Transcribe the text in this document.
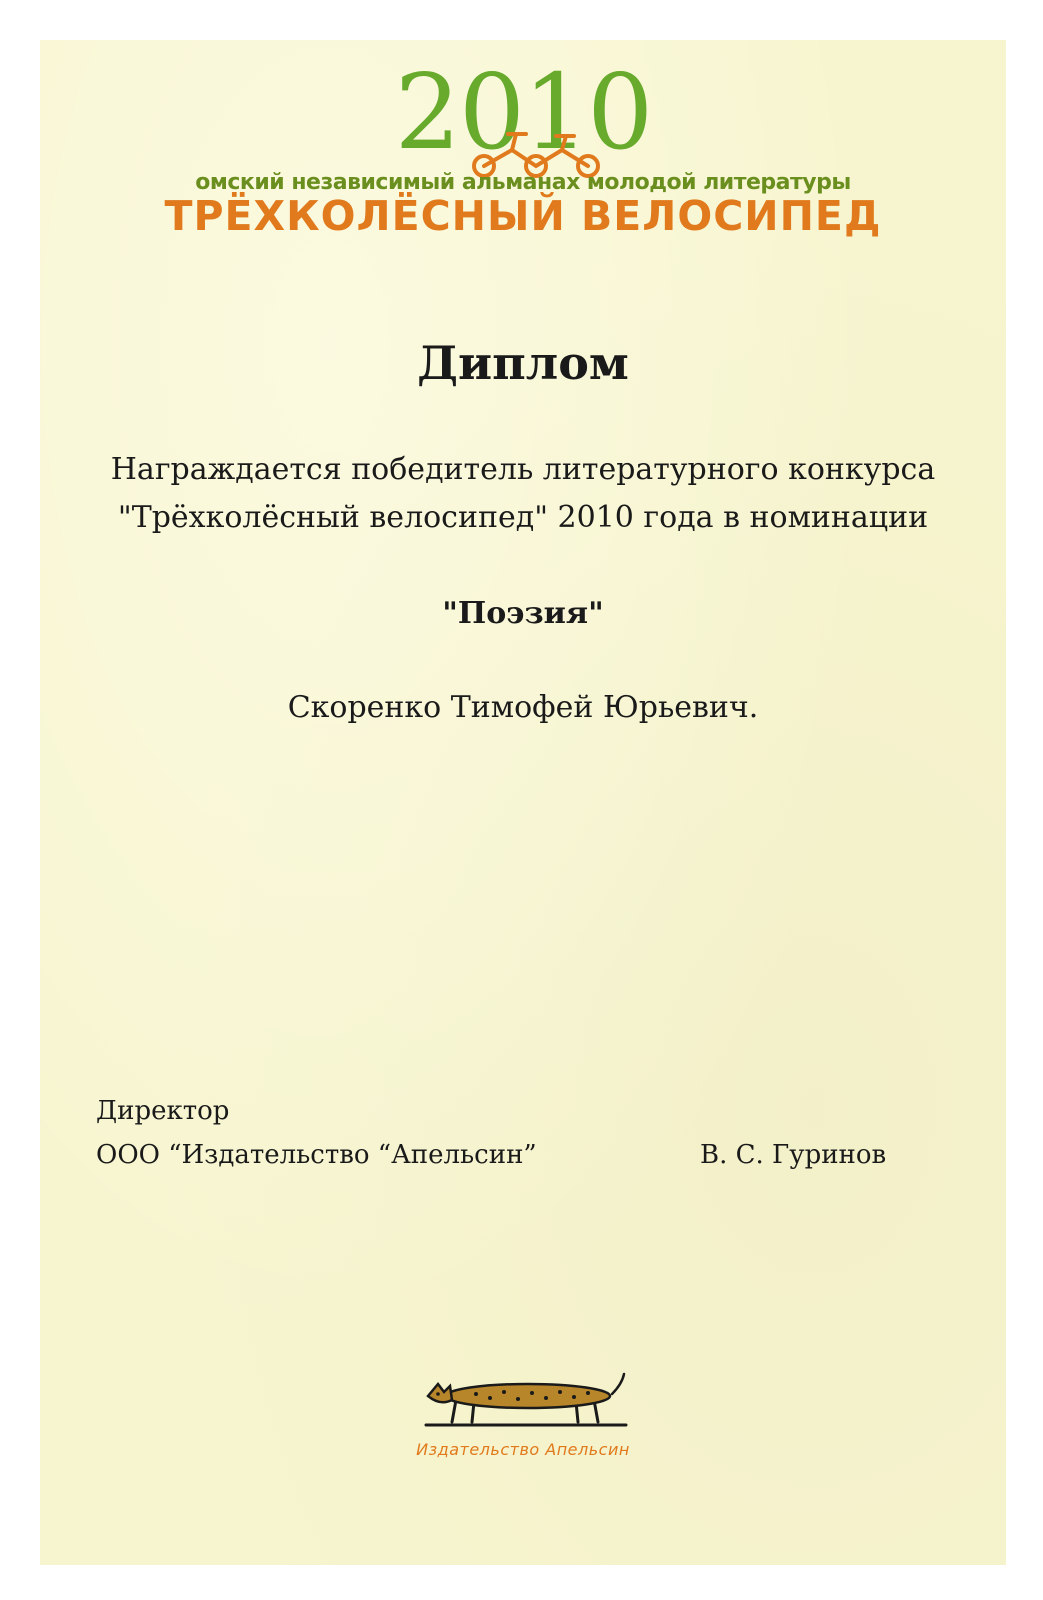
2010
омский независимый альманах молодой литературы
ТРЁХКОЛЁСНЫЙ ВЕЛОСИПЕД
Диплом
Награждается победитель литературного конкурса
"Трёхколёсный велосипед" 2010 года в номинации
"Поэзия"
Скоренко Тимофей Юрьевич.
Директор
ООО “Издательство “Апельсин”	В. С. Гуринов
Издательство Апельсин
